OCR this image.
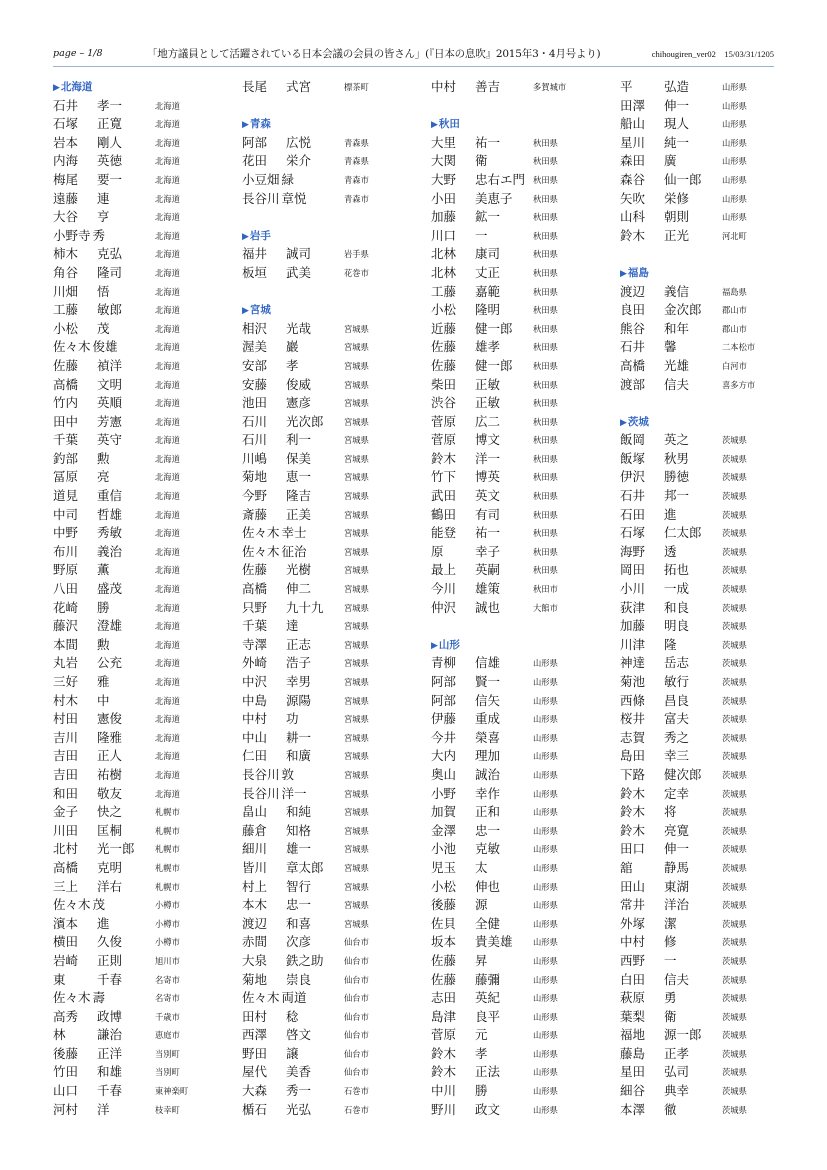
page – 1/8	「地方議員として活躍されている日本会議の会員の皆さん」(『日本の息吹』2015年3・4月号より)	chihougiren_ver02　15/03/31/1205
▶北海道
石井 孝一	北海道
石塚 正寛	北海道
岩本 剛人	北海道
内海 英徳	北海道
梅尾 要一	北海道
遠藤 連	北海道
大谷 亨	北海道
小野寺 秀	北海道
柿木 克弘	北海道
角谷 隆司	北海道
川畑 悟	北海道
工藤 敏郎	北海道
小松 茂	北海道
佐々木 俊雄	北海道
佐藤 禎洋	北海道
高橋 文明	北海道
竹内 英順	北海道
田中 芳憲	北海道
千葉 英守	北海道
釣部 勲	北海道
冨原 亮	北海道
道見 重信	北海道
中司 哲雄	北海道
中野 秀敏	北海道
布川 義治	北海道
野原 薫	北海道
八田 盛茂	北海道
花崎 勝	北海道
藤沢 澄雄	北海道
本間 勲	北海道
丸岩 公充	北海道
三好 雅	北海道
村木 中	北海道
村田 憲俊	北海道
吉川 隆雅	北海道
吉田 正人	北海道
吉田 祐樹	北海道
和田 敬友	北海道
金子 快之	札幌市
川田 匡桐	札幌市
北村 光一郎 札幌市
高橋 克明	札幌市
三上 洋右	札幌市
佐々木 茂	小樽市
濱本 進	小樽市
横田 久俊	小樽市
岩崎 正則	旭川市
東	千春	名寄市
佐々木 壽	名寄市
高秀 政博	千歳市
林	謙治	恵庭市
後藤 正洋	当別町
竹田 和雄	当別町
山口 千春	東神楽町
河村 洋	枝幸町
長尾 式宮	標茶町
▶青森
阿部 広悦	青森県
花田 栄介	青森県
小豆畑 緑	青森市
長谷川 章悦	青森市
▶岩手
福井 誠司	岩手県
板垣 武美	花巻市
▶宮城
相沢 光哉	宮城県
渥美 巖	宮城県
安部 孝	宮城県
安藤 俊威	宮城県
池田 憲彦	宮城県
石川 光次郎 宮城県
石川 利一	宮城県
川嶋 保美	宮城県
菊地 恵一	宮城県
今野 隆吉	宮城県
斎藤 正美	宮城県
佐々木 幸士	宮城県
佐々木 征治	宮城県
佐藤 光樹	宮城県
高橋 伸二	宮城県
只野 九十九 宮城県
千葉 達	宮城県
寺澤 正志	宮城県
外崎 浩子	宮城県
中沢 幸男	宮城県
中島 源陽	宮城県
中村 功	宮城県
中山 耕一	宮城県
仁田 和廣	宮城県
長谷川 敦	宮城県
長谷川 洋一	宮城県
畠山 和純	宮城県
藤倉 知格	宮城県
細川 雄一	宮城県
皆川 章太郎 宮城県
村上 智行	宮城県
本木 忠一	宮城県
渡辺 和喜	宮城県
赤間 次彦	仙台市
大泉 鉄之助 仙台市
菊地 崇良	仙台市
佐々木 両道	仙台市
田村 稔	仙台市
西澤 啓文	仙台市
野田 譲	仙台市
屋代 美香	仙台市
大森 秀一	石巻市
楯石 光弘	石巻市
中村 善吉	多賀城市
▶秋田
大里 祐一	秋田県
大関 衛	秋田県
大野 忠右エ門 秋田県
小田 美恵子 秋田県
加藤 鉱一	秋田県
川口 一	秋田県
北林 康司	秋田県
北林 丈正	秋田県
工藤 嘉範	秋田県
小松 隆明	秋田県
近藤 健一郎 秋田県
佐藤 雄孝	秋田県
佐藤 健一郎 秋田県
柴田 正敏	秋田県
渋谷 正敏	秋田県
菅原 広二	秋田県
菅原 博文	秋田県
鈴木 洋一	秋田県
竹下 博英	秋田県
武田 英文	秋田県
鶴田 有司	秋田県
能登 祐一	秋田県
原	幸子	秋田県
最上 英嗣	秋田県
今川 雄策	秋田市
仲沢 誠也	大館市
▶山形
青柳 信雄	山形県
阿部 賢一	山形県
阿部 信矢	山形県
伊藤 重成	山形県
今井 榮喜	山形県
大内 理加	山形県
奥山 誠治	山形県
小野 幸作	山形県
加賀 正和	山形県
金澤 忠一	山形県
小池 克敏	山形県
児玉 太	山形県
小松 伸也	山形県
後藤 源	山形県
佐貝 全健	山形県
坂本 貴美雄 山形県
佐藤 昇	山形県
佐藤 藤彌	山形県
志田 英紀	山形県
島津 良平	山形県
菅原 元	山形県
鈴木 孝	山形県
鈴木 正法	山形県
中川 勝	山形県
野川 政文	山形県
平	弘造	山形県
田澤 伸一	山形県
船山 現人	山形県
星川 純一	山形県
森田 廣	山形県
森谷 仙一郎 山形県
矢吹 栄修	山形県
山科 朝則	山形県
鈴木 正光	河北町
▶福島
渡辺 義信	福島県
良田 金次郎 郡山市
熊谷 和年	郡山市
石井 馨	二本松市
高橋 光雄	白河市
渡部 信夫	喜多方市
▶茨城
飯岡 英之	茨城県
飯塚 秋男	茨城県
伊沢 勝徳	茨城県
石井 邦一	茨城県
石田 進	茨城県
石塚 仁太郎 茨城県
海野 透	茨城県
岡田 拓也	茨城県
小川 一成	茨城県
荻津 和良	茨城県
加藤 明良	茨城県
川津 隆	茨城県
神達 岳志	茨城県
菊池 敏行	茨城県
西條 昌良	茨城県
桜井 富夫	茨城県
志賀 秀之	茨城県
島田 幸三	茨城県
下路 健次郎 茨城県
鈴木 定幸	茨城県
鈴木 将	茨城県
鈴木 亮寛	茨城県
田口 伸一	茨城県
舘	静馬	茨城県
田山 東湖	茨城県
常井 洋治	茨城県
外塚 潔	茨城県
中村 修	茨城県
西野 一	茨城県
白田 信夫	茨城県
萩原 勇	茨城県
葉梨 衛	茨城県
福地 源一郎 茨城県
藤島 正孝	茨城県
星田 弘司	茨城県
細谷 典幸	茨城県
本澤 徹	茨城県
